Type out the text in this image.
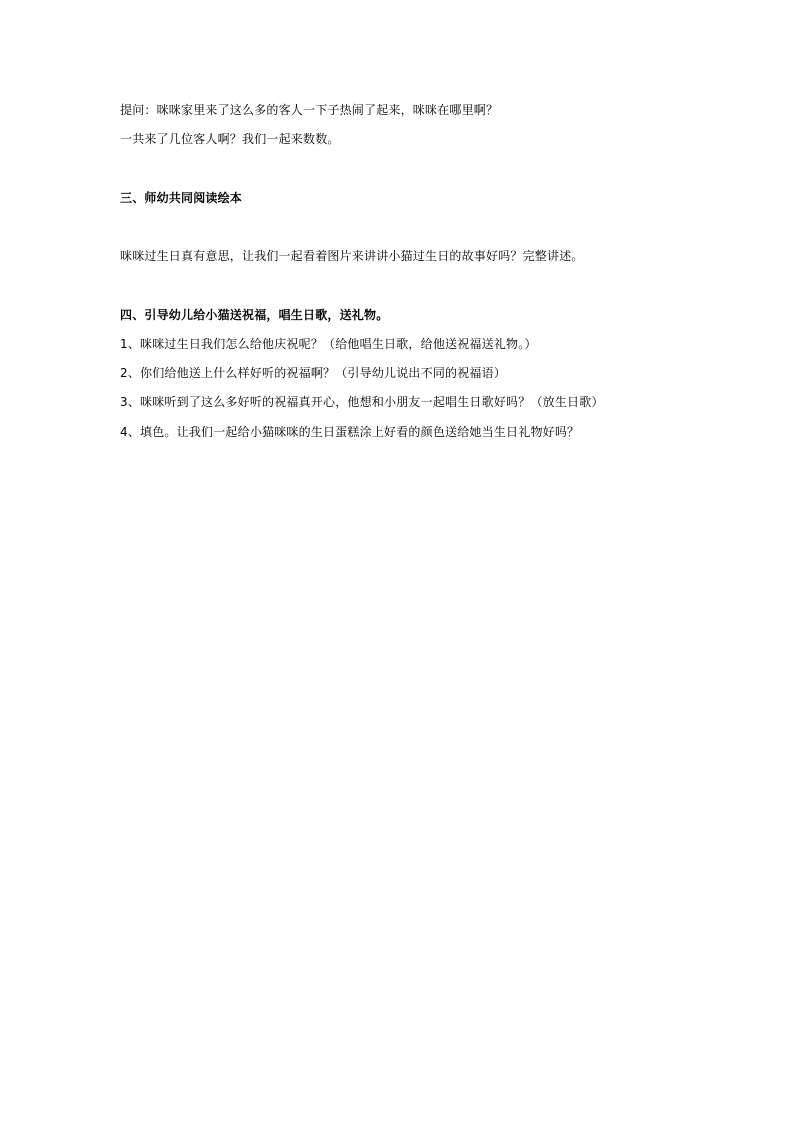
提问：咪咪家里来了这么多的客人一下子热闹了起来，咪咪在哪里啊？
一共来了几位客人啊？我们一起来数数。
三、师幼共同阅读绘本
咪咪过生日真有意思，让我们一起看着图片来讲讲小猫过生日的故事好吗？完整讲述。
四、引导幼儿给小猫送祝福，唱生日歌，送礼物。
1、咪咪过生日我们怎么给他庆祝呢？（给他唱生日歌，给他送祝福送礼物。）
2、你们给他送上什么样好听的祝福啊？（引导幼儿说出不同的祝福语）
3、咪咪听到了这么多好听的祝福真开心，他想和小朋友一起唱生日歌好吗？（放生日歌）
4、填色。让我们一起给小猫咪咪的生日蛋糕涂上好看的颜色送给她当生日礼物好吗？
